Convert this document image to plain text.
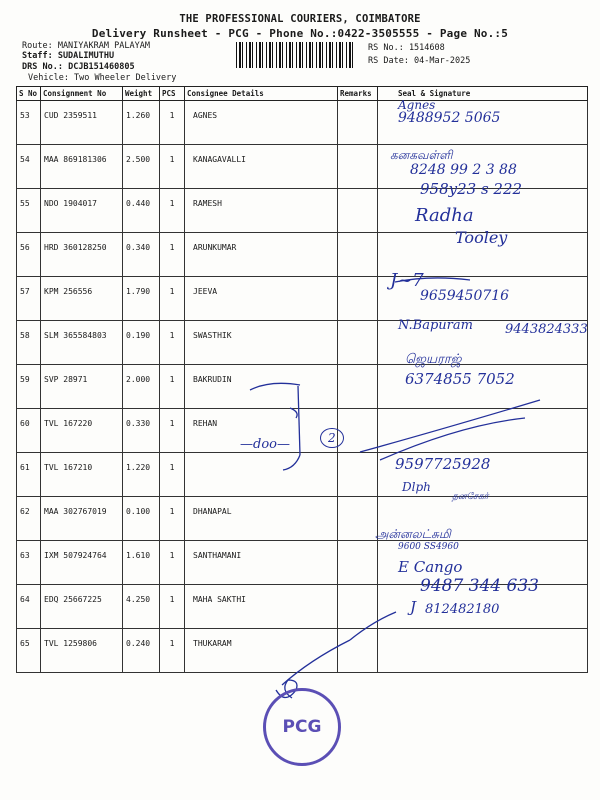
THE PROFESSIONAL COURIERS, COIMBATORE
Delivery Runsheet - PCG - Phone No.:0422-3505555 - Page No.:5
Route: MANIYAKRAM PALAYAM
Staff: SUDALIMUTHU
DRS No.: DCJB151460805
Vehicle: Two Wheeler Delivery
RS No.: 1514608
RS Date: 04-Mar-2025
S No	Consignment No	Weight	PCS	Consignee Details	Remarks	Seal & Signature
53	CUD 2359511	1.260	1	AGNES		
54	MAA 869181306	2.500	1	KANAGAVALLI		
55	NDO 1904017	0.440	1	RAMESH		
56	HRD 360128250	0.340	1	ARUNKUMAR		
57	KPM 256556	1.790	1	JEEVA		
58	SLM 365584803	0.190	1	SWASTHIK		
59	SVP 28971	2.000	1	BAKRUDIN		
60	TVL 167220	0.330	1	REHAN		
61	TVL 167210	1.220	1			
62	MAA 302767019	0.100	1	DHANAPAL		
63	IXM 507924764	1.610	1	SANTHAMANI		
64	EDQ 25667225	4.250	1	MAHA SAKTHI		
65	TVL 1259806	0.240	1	THUKARAM		
Agnes
9488952 5065
கனகவள்ளி
8248 99 2 3 88
958y23 s 222
Radha
Tooley
J~7
9659450716
N.Bapuram 9443824333
ஜெயராஜ்
6374855 7052
—doo—	2
9597725928
Dlph
தனசேகர்
அன்னலட்சுமி
9600 SS4960
E Cango
9487 344 633
J 812482180
PCG
